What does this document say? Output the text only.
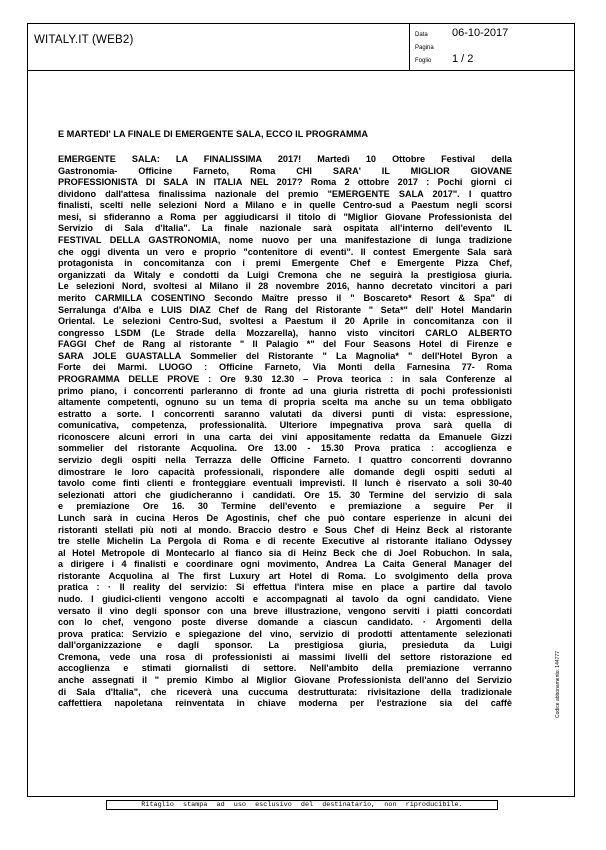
WITALY.IT (WEB2)	Data 06-10-2017
Pagina
Foglio 1 / 2
E MARTEDI' LA FINALE DI EMERGENTE SALA, ECCO IL PROGRAMMA
EMERGENTE SALA: LA FINALISSIMA 2017! Martedì 10 Ottobre Festival della
Gastronomia- Officine Farneto, Roma CHI SARA' IL MIGLIOR GIOVANE
PROFESSIONISTA DI SALA IN ITALIA NEL 2017? Roma 2 ottobre 2017 : Pochi giorni ci
dividono dall'attesa finalissima nazionale del premio "EMERGENTE SALA 2017". I quattro
finalisti, scelti nelle selezioni Nord a Milano e in quelle Centro-sud a Paestum negli scorsi
mesi, si sfideranno a Roma per aggiudicarsi il titolo di "Miglior Giovane Professionista del
Servizio di Sala d'Italia". La finale nazionale sarà ospitata all'interno dell'evento IL
FESTIVAL DELLA GASTRONOMIA, nome nuovo per una manifestazione di lunga tradizione
che oggi diventa un vero e proprio "contenitore di eventi". Il contest Emergente Sala sarà
protagonista in concomitanza con i premi Emergente Chef e Emergente Pizza Chef,
organizzati da Witaly e condotti da Luigi Cremona che ne seguirà la prestigiosa giuria.
Le selezioni Nord, svoltesi al Milano il 28 novembre 2016, hanno decretato vincitori a pari
merito CARMILLA COSENTINO Secondo Maître presso il " Boscareto* Resort & Spa" di
Serralunga d'Alba e LUIS DIAZ Chef de Rang del Ristorante " Seta*" dell' Hotel Mandarin
Oriental. Le selezioni Centro-Sud, svoltesi a Paestum il 20 Aprile in concomitanza con il
congresso LSDM (Le Strade della Mozzarella), hanno visto vincitori CARLO ALBERTO
FAGGI Chef de Rang al ristorante " Il Palagio *" del Four Seasons Hotel di Firenze e
SARA JOLE GUASTALLA Sommelier del Ristorante " La Magnolia* " dell'Hotel Byron a
Forte dei Marmi. LUOGO : Officine Farneto, Via Monti della Farnesina 77- Roma
PROGRAMMA DELLE PROVE : Ore 9.30 12.30 – Prova teorica : in sala Conferenze al
primo piano, i concorrenti parleranno di fronte ad una giuria ristretta di pochi professionisti
altamente competenti, ognuno su un tema di propria scelta ma anche su un tema obbligato
estratto a sorte. I concorrenti saranno valutati da diversi punti di vista: espressione,
comunicativa, competenza, professionalità. Ulteriore impegnativa prova sarà quella di
riconoscere alcuni errori in una carta dei vini appositamente redatta da Emanuele Gizzi
sommelier del ristorante Acquolina. Ore 13.00 - 15.30 Prova pratica : accoglienza e
servizio degli ospiti nella Terrazza delle Officine Farneto. I quattro concorrenti dovranno
dimostrare le loro capacità professionali, rispondere alle domande degli ospiti seduti al
tavolo come finti clienti e fronteggiare eventuali imprevisti. Il lunch è riservato a soli 30-40
selezionati attori che giudicheranno i candidati. Ore 15. 30 Termine del servizio di sala
e premiazione Ore 16. 30 Termine dell'evento e premiazione a seguire Per il
Lunch sarà in cucina Heros De Agostinis, chef che può contare esperienze in alcuni dei
ristoranti stellati più noti al mondo. Braccio destro e Sous Chef di Heinz Beck al ristorante
tre stelle Michelin La Pergola di Roma e di recente Executive al ristorante italiano Odyssey
al Hotel Metropole di Montecarlo al fianco sia di Heinz Beck che di Joel Robuchon. In sala,
a dirigere i 4 finalisti e coordinare ogni movimento, Andrea La Caita General Manager del
ristorante Acquolina al The first Luxury art Hotel di Roma. Lo svolgimento della prova
pratica : · Il reality del servizio: Si effettua l'intera mise en place a partire dal tavolo
nudo. I giudici-clienti vengono accolti e accompagnati al tavolo da ogni candidato. Viene
versato il vino degli sponsor con una breve illustrazione, vengono serviti i piatti concordati
con lo chef, vengono poste diverse domande a ciascun candidato. · Argomenti della
prova pratica: Servizio e spiegazione del vino, servizio di prodotti attentamente selezionati
dall'organizzazione e dagli sponsor. La prestigiosa giuria, presieduta da Luigi
Cremona, vede una rosa di professionisti ai massimi livelli del settore ristorazione ed
accoglienza e stimati giornalisti di settore. Nell'ambito della premiazione verranno
anche assegnati il " premio Kimbo al Miglior Giovane Professionista dell'anno del Servizio
di Sala d'Italia", che riceverà una cuccuma destrutturata: rivisitazione della tradizionale
caffettiera napoletana reinventata in chiave moderna per l'estrazione sia del caffè	Codice abbonamento: 144777
Ritaglio stampa ad uso esclusivo del destinatario, non riproducibile.
